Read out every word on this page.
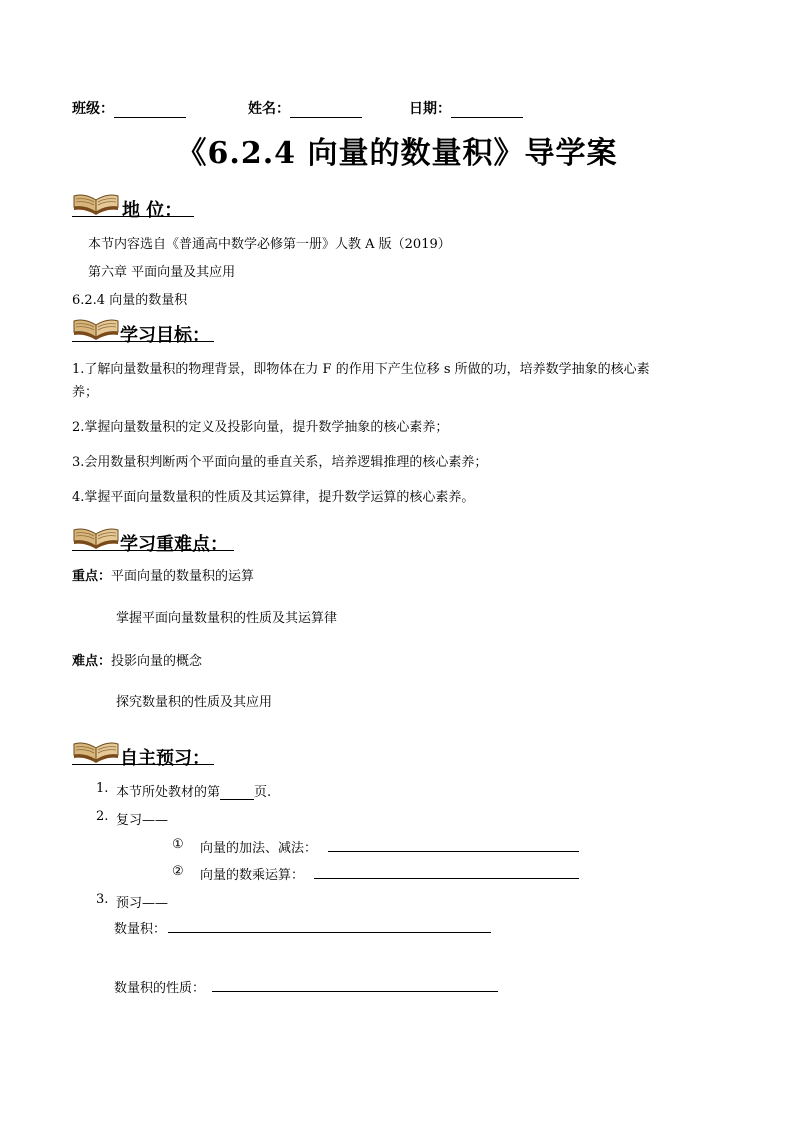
班级：	姓名：	日期：
《6.2.4 向量的数量积》导学案
地 位：
本节内容选自《普通高中数学必修第一册》人教 A 版（2019）
第六章 平面向量及其应用
6.2.4 向量的数量积
学习目标：
1.了解向量数量积的物理背景，即物体在力 F 的作用下产生位移 s 所做的功，培养数学抽象的核心素
养；
2.掌握向量数量积的定义及投影向量，提升数学抽象的核心素养；
3.会用数量积判断两个平面向量的垂直关系，培养逻辑推理的核心素养；
4.掌握平面向量数量积的性质及其运算律，提升数学运算的核心素养。
学习重难点：
重点：平面向量的数量积的运算
掌握平面向量数量积的性质及其运算律
难点：投影向量的概念
探究数量积的性质及其应用
自主预习：
1. 本节所处教材的第	页.
2. 复习——
① 向量的加法、减法：
② 向量的数乘运算：
3. 预习——
数量积：
数量积的性质：
